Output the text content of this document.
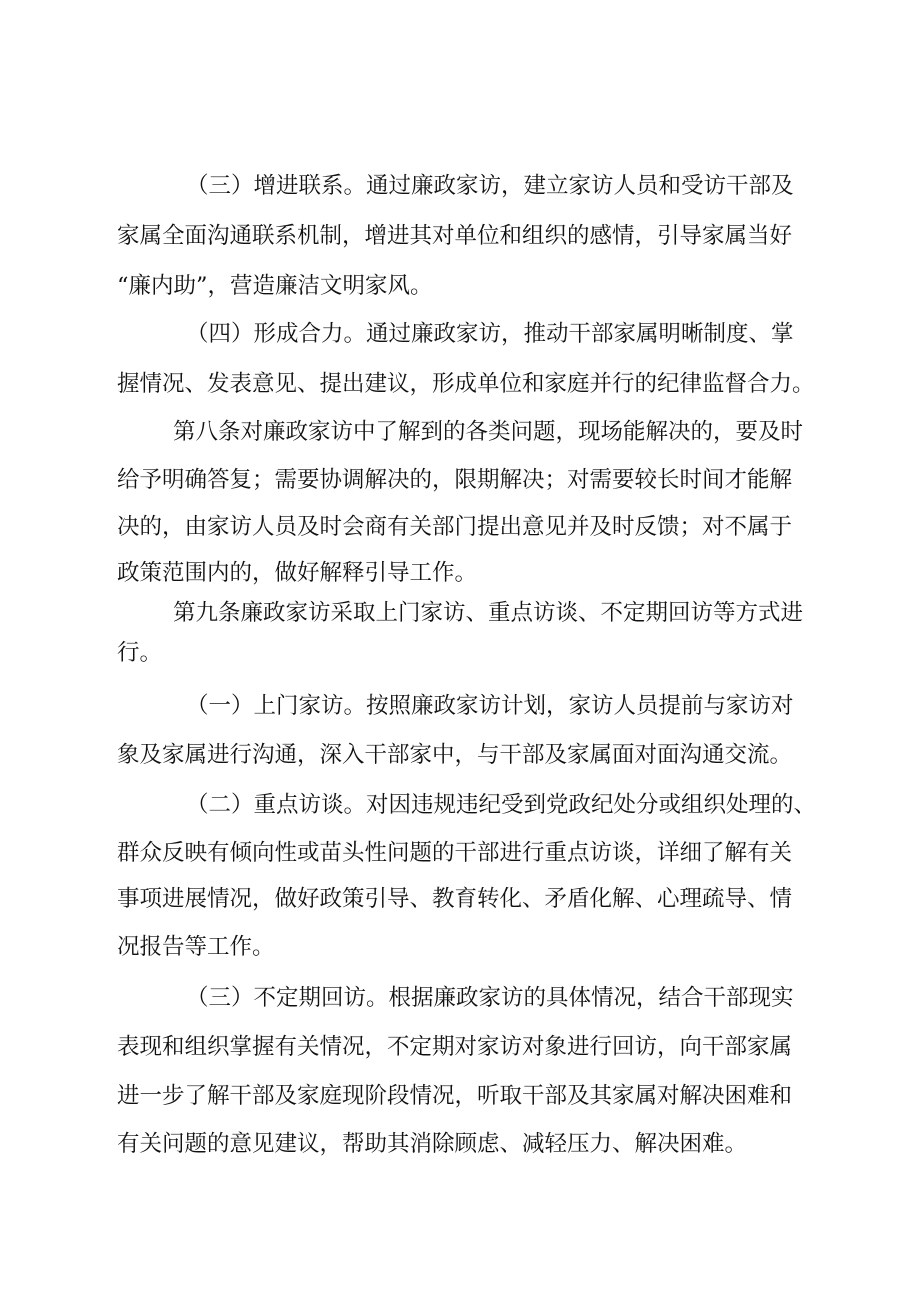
（三）增进联系。通过廉政家访，建立家访人员和受访干部及
家属全面沟通联系机制，增进其对单位和组织的感情，引导家属当好
“廉内助”，营造廉洁文明家风。
（四）形成合力。通过廉政家访，推动干部家属明晰制度、掌
握情况、发表意见、提出建议，形成单位和家庭并行的纪律监督合力。
第八条对廉政家访中了解到的各类问题，现场能解决的，要及时
给予明确答复；需要协调解决的，限期解决；对需要较长时间才能解
决的，由家访人员及时会商有关部门提出意见并及时反馈；对不属于
政策范围内的，做好解释引导工作。
第九条廉政家访采取上门家访、重点访谈、不定期回访等方式进
行。
（一）上门家访。按照廉政家访计划，家访人员提前与家访对
象及家属进行沟通，深入干部家中，与干部及家属面对面沟通交流。
（二）重点访谈。对因违规违纪受到党政纪处分或组织处理的、
群众反映有倾向性或苗头性问题的干部进行重点访谈，详细了解有关
事项进展情况，做好政策引导、教育转化、矛盾化解、心理疏导、情
况报告等工作。
（三）不定期回访。根据廉政家访的具体情况，结合干部现实
表现和组织掌握有关情况，不定期对家访对象进行回访，向干部家属
进一步了解干部及家庭现阶段情况，听取干部及其家属对解决困难和
有关问题的意见建议，帮助其消除顾虑、减轻压力、解决困难。
